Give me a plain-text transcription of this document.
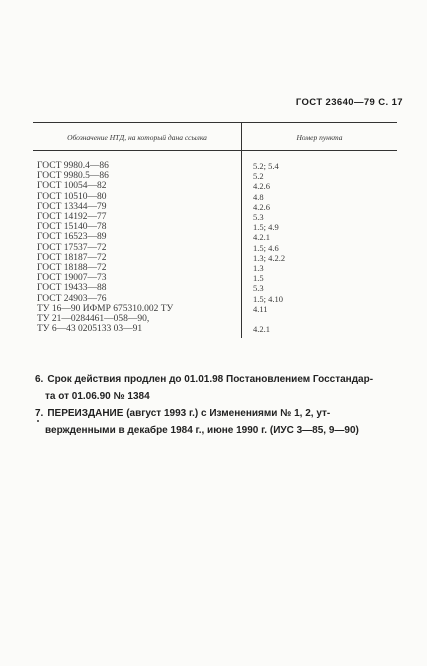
ГОСТ 23640—79 С. 17
Обозначение НТД, на который дана ссылка	Номер пункта
ГОСТ 9980.4—86	5.2; 5.4
ГОСТ 9980.5—86	5.2
ГОСТ 10054—82	4.2.6
ГОСТ 10510—80	4.8
ГОСТ 13344—79	4.2.6
ГОСТ 14192—77	5.3
ГОСТ 15140—78	1.5; 4.9
ГОСТ 16523—89	4.2.1
ГОСТ 17537—72	1.5; 4.6
ГОСТ 18187—72	1.3; 4.2.2
ГОСТ 18188—72	1.3
ГОСТ 19007—73	1.5
ГОСТ 19433—88	5.3
ГОСТ 24903—76	1.5; 4.10
ТУ 16—90 ИФМР 675310.002 ТУ	4.11
ТУ 21—0284461—058—90,	
ТУ 6—43 0205133 03—91	4.2.1
6. Срок действия продлен до 01.01.98 Постановлением Госстандар-
та от 01.06.90 № 1384
7. ПЕРЕИЗДАНИЕ (август 1993 г.) с Изменениями № 1, 2, ут-
вержденными в декабре 1984 г., июне 1990 г. (ИУС 3—85, 9—90)
